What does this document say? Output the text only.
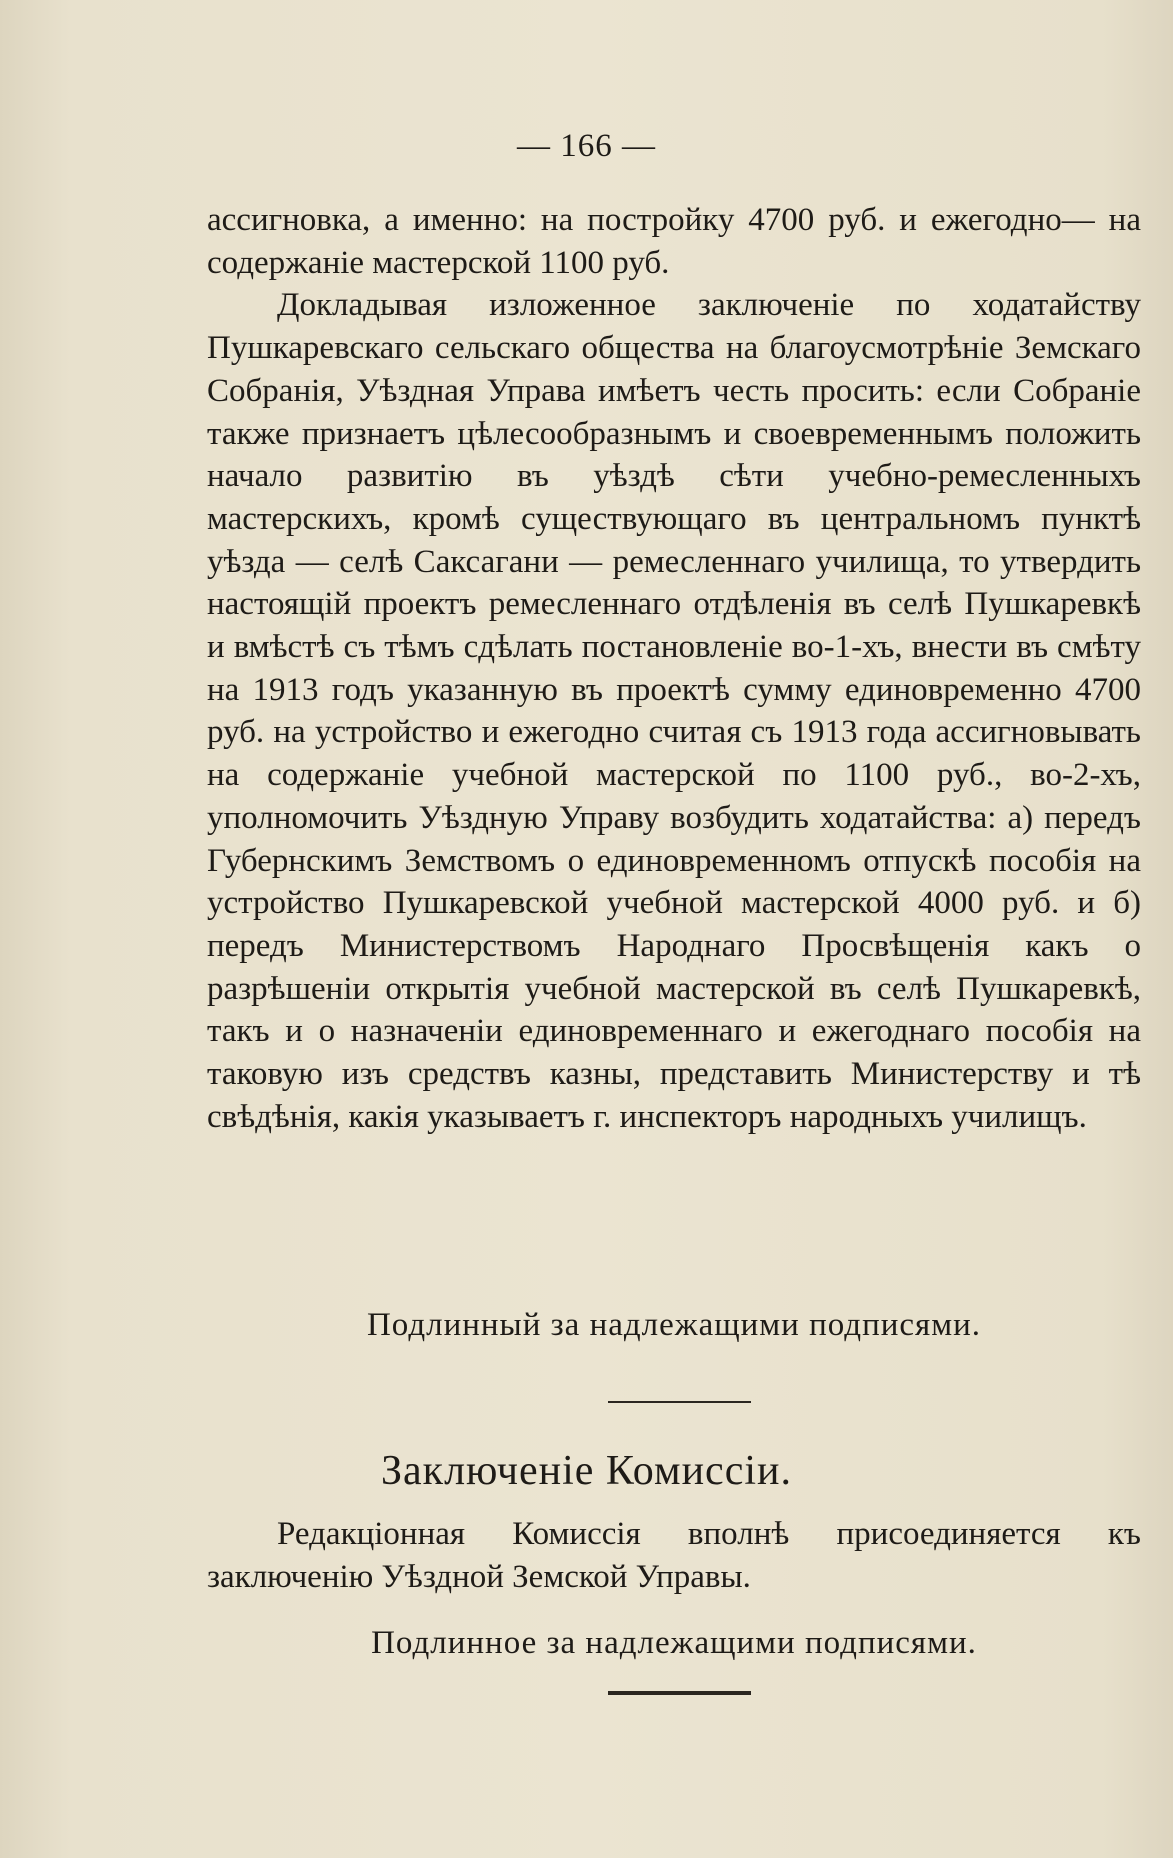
— 166 —

ассигновка, а именно: на постройку 4700 руб. и ежегодно— на содержаніе мастерской 1100 руб.

Докладывая изложенное заключеніе по ходатайству Пушкаревскаго сельскаго общества на благоусмотрѣніе Земскаго Собранія, Уѣздная Управа имѣетъ честь просить: если Собраніе также признаетъ цѣлесообразнымъ и своевременнымъ положить начало развитію въ уѣздѣ сѣти учебно-ремесленныхъ мастерскихъ, кромѣ существующаго въ центральномъ пунктѣ уѣзда — селѣ Саксагани — ремесленнаго училища, то утвердить настоящій проектъ ремесленнаго отдѣленія въ селѣ Пушкаревкѣ и вмѣстѣ съ тѣмъ сдѣлать постановленіе во-1-хъ, внести въ смѣту на 1913 годъ указанную въ проектѣ сумму единовременно 4700 руб. на устройство и ежегодно считая съ 1913 года ассигновывать на содержаніе учебной мастерской по 1100 руб., во-2-хъ, уполномочить Уѣздную Управу возбудить ходатайства: а) передъ Губернскимъ Земствомъ о единовременномъ отпускѣ пособія на устройство Пушкаревской учебной мастерской 4000 руб. и б) передъ Министерствомъ Народнаго Просвѣщенія какъ о разрѣшеніи открытія учебной мастерской въ селѣ Пушкаревкѣ, такъ и о назначеніи единовременнаго и ежегоднаго пособія на таковую изъ средствъ казны, представить Министерству и тѣ свѣдѣнія, какія указываетъ г. инспекторъ народныхъ училищъ.

Подлинный за надлежащими подписями.
Заключеніе Комиссіи.

Редакціонная Комиссія вполнѣ присоединяется къ заключенію Уѣздной Земской Управы.

Подлинное за надлежащими подписями.
